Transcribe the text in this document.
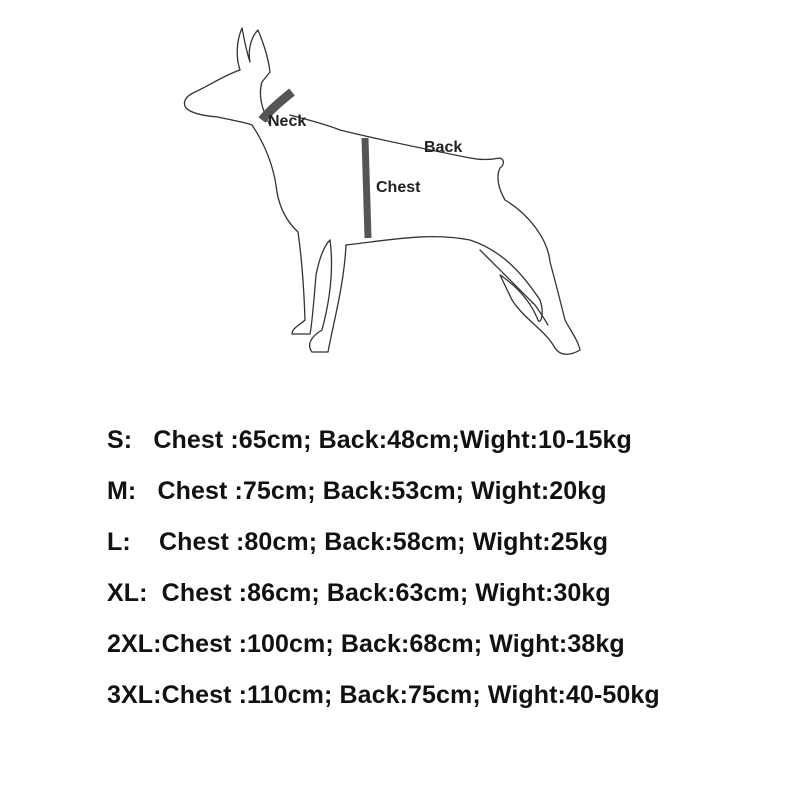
Neck
Back
Chest
S:   Chest :65cm; Back:48cm;Wight:10-15kg
M:   Chest :75cm; Back:53cm; Wight:20kg
L:    Chest :80cm; Back:58cm; Wight:25kg
XL:  Chest :86cm; Back:63cm; Wight:30kg
2XL:Chest :100cm; Back:68cm; Wight:38kg
3XL:Chest :110cm; Back:75cm; Wight:40-50kg
